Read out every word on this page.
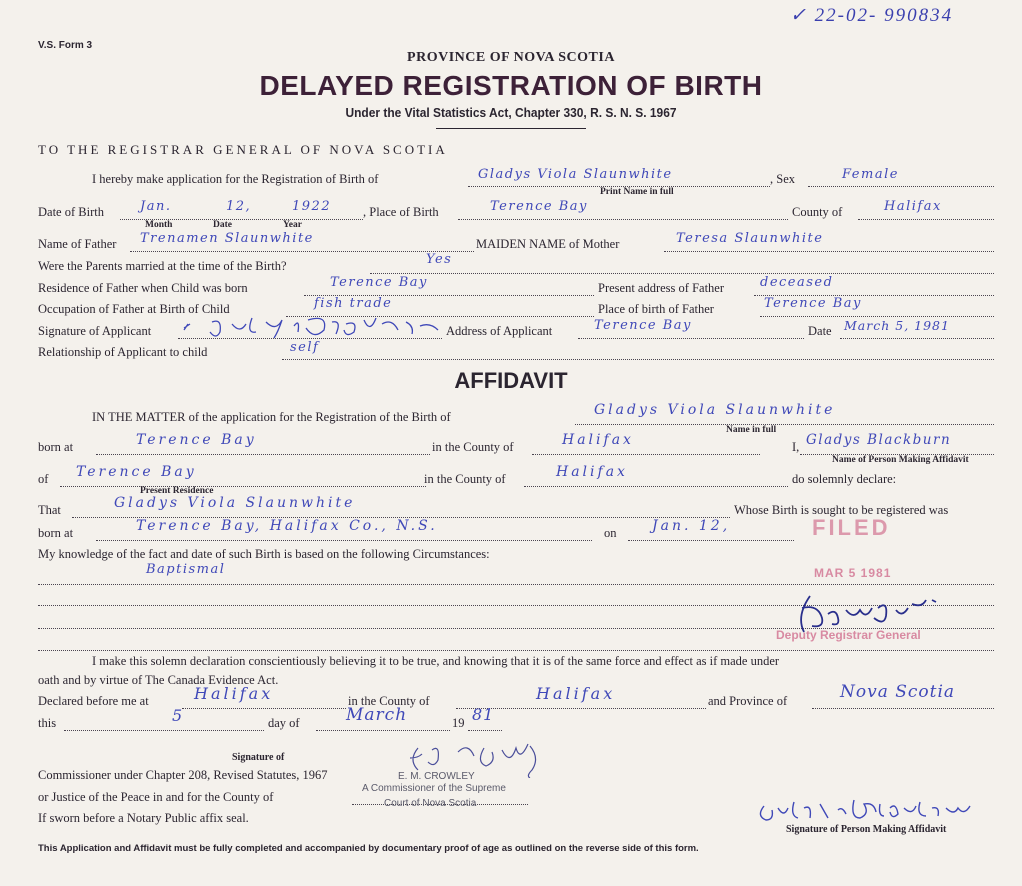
V.S. Form 3
✓ 22-02- 990834
PROVINCE OF NOVA SCOTIA
DELAYED REGISTRATION OF BIRTH
Under the Vital Statistics Act, Chapter 330, R. S. N. S. 1967
TO THE REGISTRAR GENERAL OF NOVA SCOTIA
I hereby make application for the Registration of Birth of	Gladys Viola Slaunwhite
Print Name in full
, Sex	Female
Date of Birth	Jan.	12,	1922
Month	Date	Year
, Place of Birth	Terence Bay	County of	Halifax
Name of Father Trenamen Slaunwhite	MAIDEN NAME of Mother	Teresa Slaunwhite
Were the Parents married at the time of the Birth?	Yes
Residence of Father when Child was born	Terence Bay	Present address of Father	deceased
Occupation of Father at Birth of Child	fish trade	Place of birth of Father	Terence Bay
Signature of Applicant	Address of Applicant	Terence Bay	Date March 5, 1981
Relationship of Applicant to child	self
AFFIDAVIT
IN THE MATTER of the application for the Registration of the Birth of	Gladys Viola Slaunwhite
Name in full
born at	Terence Bay	in the County of	Halifax	I, Gladys Blackburn
Name of Person Making Affidavit
of Terence Bay
Present Residence
in the County of	Halifax	do solemnly declare:
That	Gladys Viola Slaunwhite	Whose Birth is sought to be registered was
born at	Terence Bay, Halifax Co., N.S.	on	Jan. 12,	FILED
My knowledge of the fact and date of such Birth is based on the following Circumstances:
Baptismal	MAR 5 1981
Deputy Registrar General
I make this solemn declaration conscientiously believing it to be true, and knowing that it is of the same force and effect as if made under
oath and by virtue of The Canada Evidence Act.
Declared before me at	Halifax	in the County of	Halifax	and Province of	Nova Scotia
this	5	day of	March	19 81
Signature of
Commissioner under Chapter 208, Revised Statutes, 1967	E. M. CROWLEY
or Justice of the Peace in and for the County of
A Commissioner of the Supreme
Court of Nova Scotia
If sworn before a Notary Public affix seal.
Signature of Person Making Affidavit
This Application and Affidavit must be fully completed and accompanied by documentary proof of age as outlined on the reverse side of this form.
